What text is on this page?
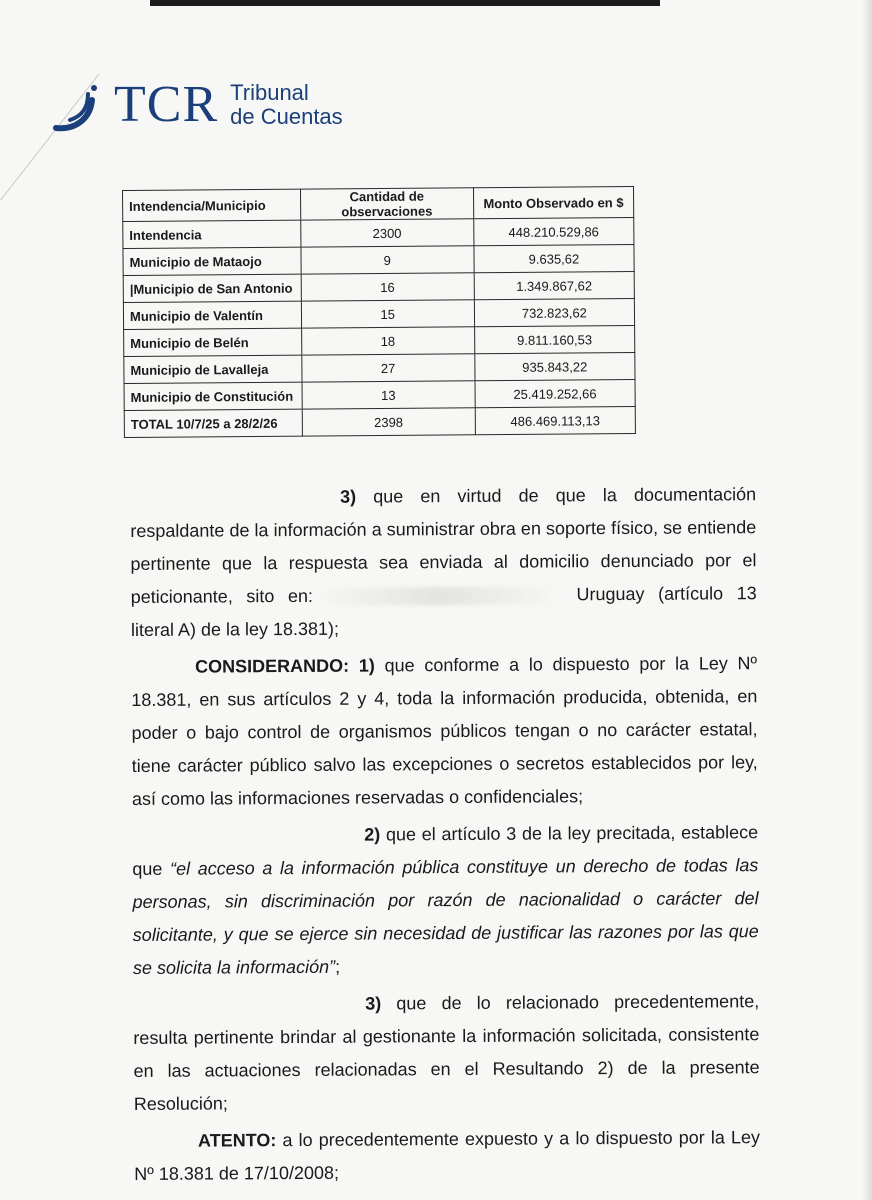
TCR Tribunal
de Cuentas
Intendencia/Municipio	Cantidad de observaciones	Monto Observado en $
Intendencia	2300	448.210.529,86
Municipio de Mataojo	9	9.635,62
|Municipio de San Antonio	16	1.349.867,62
Municipio de Valentín	15	732.823,62
Municipio de Belén	18	9.811.160,53
Municipio de Lavalleja	27	935.843,22
Municipio de Constitución	13	25.419.252,66
TOTAL 10/7/25 a 28/2/26	2398	486.469.113,13

3) que en virtud de que la documentación respaldante de la información a suministrar obra en soporte físico, se entiende pertinente que la respuesta sea enviada al domicilio denunciado por el peticionante, sito en:	Uruguay (artículo 13 literal A) de la ley 18.381);

CONSIDERANDO: 1) que conforme a lo dispuesto por la Ley Nº 18.381, en sus artículos 2 y 4, toda la información producida, obtenida, en poder o bajo control de organismos públicos tengan o no carácter estatal, tiene carácter público salvo las excepciones o secretos establecidos por ley, así como las informaciones reservadas o confidenciales;

2) que el artículo 3 de la ley precitada, establece que “el acceso a la información pública constituye un derecho de todas las personas, sin discriminación por razón de nacionalidad o carácter del solicitante, y que se ejerce sin necesidad de justificar las razones por las que se solicita la información”;

3) que de lo relacionado precedentemente, resulta pertinente brindar al gestionante la información solicitada, consistente en las actuaciones relacionadas en el Resultando 2) de la presente Resolución;

ATENTO: a lo precedentemente expuesto y a lo dispuesto por la Ley Nº 18.381 de 17/10/2008;
